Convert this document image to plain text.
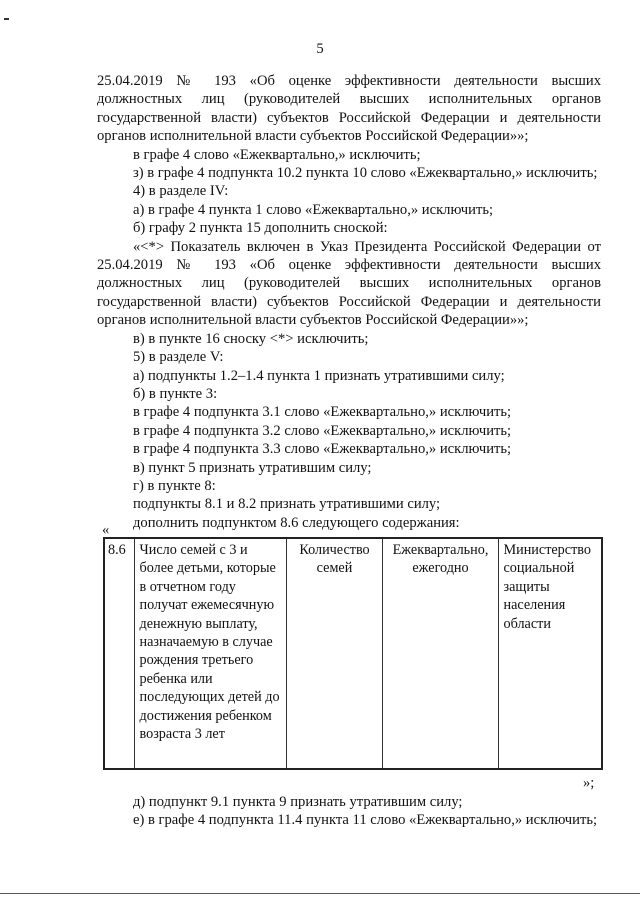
5

25.04.2019 № 193 «Об оценке эффективности деятельности высших должностных лиц (руководителей высших исполнительных органов государственной власти) субъектов Российской Федерации и деятельности органов исполнительной власти субъектов Российской Федерации»»;

в графе 4 слово «Ежеквартально,» исключить;

з) в графе 4 подпункта 10.2 пункта 10 слово «Ежеквартально,» исключить;

4) в разделе IV:

а) в графе 4 пункта 1 слово «Ежеквартально,» исключить;

б) графу 2 пункта 15 дополнить сноской:

«<*> Показатель включен в Указ Президента Российской Федерации от 25.04.2019 № 193 «Об оценке эффективности деятельности высших должностных лиц (руководителей высших исполнительных органов государственной власти) субъектов Российской Федерации и деятельности органов исполнительной власти субъектов Российской Федерации»»;

в) в пункте 16 сноску <*> исключить;

5) в разделе V:

а) подпункты 1.2–1.4 пункта 1 признать утратившими силу;

б) в пункте 3:

в графе 4 подпункта 3.1 слово «Ежеквартально,» исключить;

в графе 4 подпункта 3.2 слово «Ежеквартально,» исключить;

в графе 4 подпункта 3.3 слово «Ежеквартально,» исключить;

в) пункт 5 признать утратившим силу;

г) в пункте 8:

подпункты 8.1 и 8.2 признать утратившими силу;

дополнить подпунктом 8.6 следующего содержания:

«
8.6	Число семей с 3 и более детьми, которые в отчетном году получат ежемесячную денежную выплату, назначаемую в случае рождения третьего ребенка или последующих детей до достижения ребенком возраста 3 лет	Количество семей	Ежеквартально, ежегодно	Министерство социальной защиты населения области
»;

д) подпункт 9.1 пункта 9 признать утратившим силу;

е) в графе 4 подпункта 11.4 пункта 11 слово «Ежеквартально,» исключить;
